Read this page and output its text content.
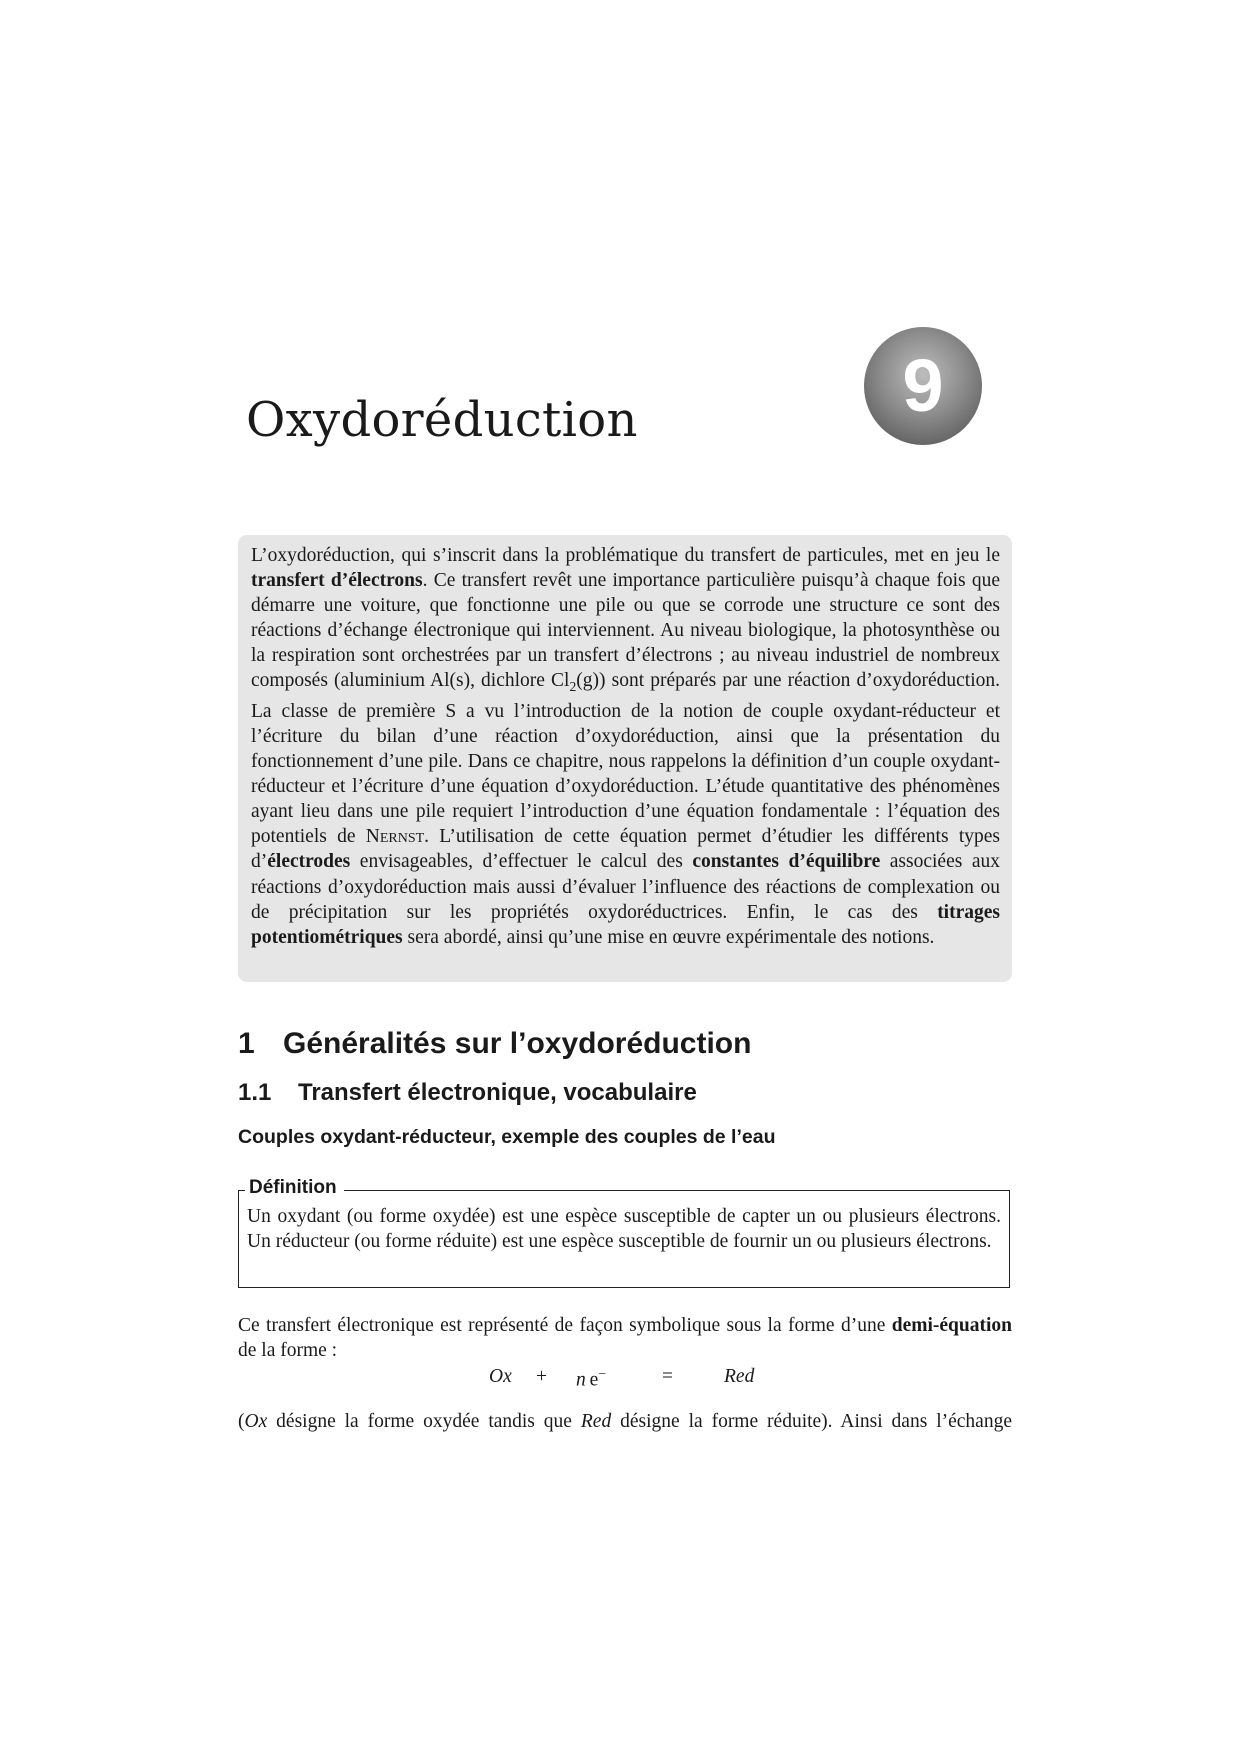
Oxydoréduction	9

L’oxydoréduction, qui s’inscrit dans la problématique du transfert de particules, met en jeu le transfert d’électrons. Ce transfert revêt une importance particulière puisqu’à chaque fois que démarre une voiture, que fonctionne une pile ou que se corrode une structure ce sont des réactions d’échange électronique qui interviennent. Au niveau biologique, la photosynthèse ou la respiration sont orchestrées par un transfert d’électrons ; au niveau industriel de nombreux composés (aluminium Al(s), dichlore $Cl_2(g)$) sont préparés par une réaction d’oxydoréduction. La classe de première S a vu l’introduction de la notion de couple oxydant-réducteur et l’écriture du bilan d’une réaction d’oxydoréduction, ainsi que la présentation du fonctionnement d’une pile. Dans ce chapitre, nous rappelons la définition d’un couple oxydant-réducteur et l’écriture d’une équation d’oxydoréduction. L’étude quantitative des phénomènes ayant lieu dans une pile requiert l’introduction d’une équation fondamentale : l’équation des potentiels de Nernst. L’utilisation de cette équation permet d’étudier les différents types d’électrodes envisageables, d’effectuer le calcul des constantes d’équilibre associées aux réactions d’oxydoréduction mais aussi d’évaluer l’influence des réactions de complexation ou de précipitation sur les propriétés oxydoréductrices. Enfin, le cas des titrages potentiométriques sera abordé, ainsi qu’une mise en œuvre expérimentale des notions.

1 Généralités sur l’oxydoréduction
1.1 Transfert électronique, vocabulaire
Couples oxydant-réducteur, exemple des couples de l’eau
Définition

Un oxydant (ou forme oxydée) est une espèce susceptible de capter un ou plusieurs électrons. Un réducteur (ou forme réduite) est une espèce susceptible de fournir un ou plusieurs électrons.

Ce transfert électronique est représenté de façon symbolique sous la forme d’une demi-équation de la forme :

Ox + n  e−	=	Red

(Ox désigne la forme oxydée tandis que Red désigne la forme réduite). Ainsi dans l’échange
